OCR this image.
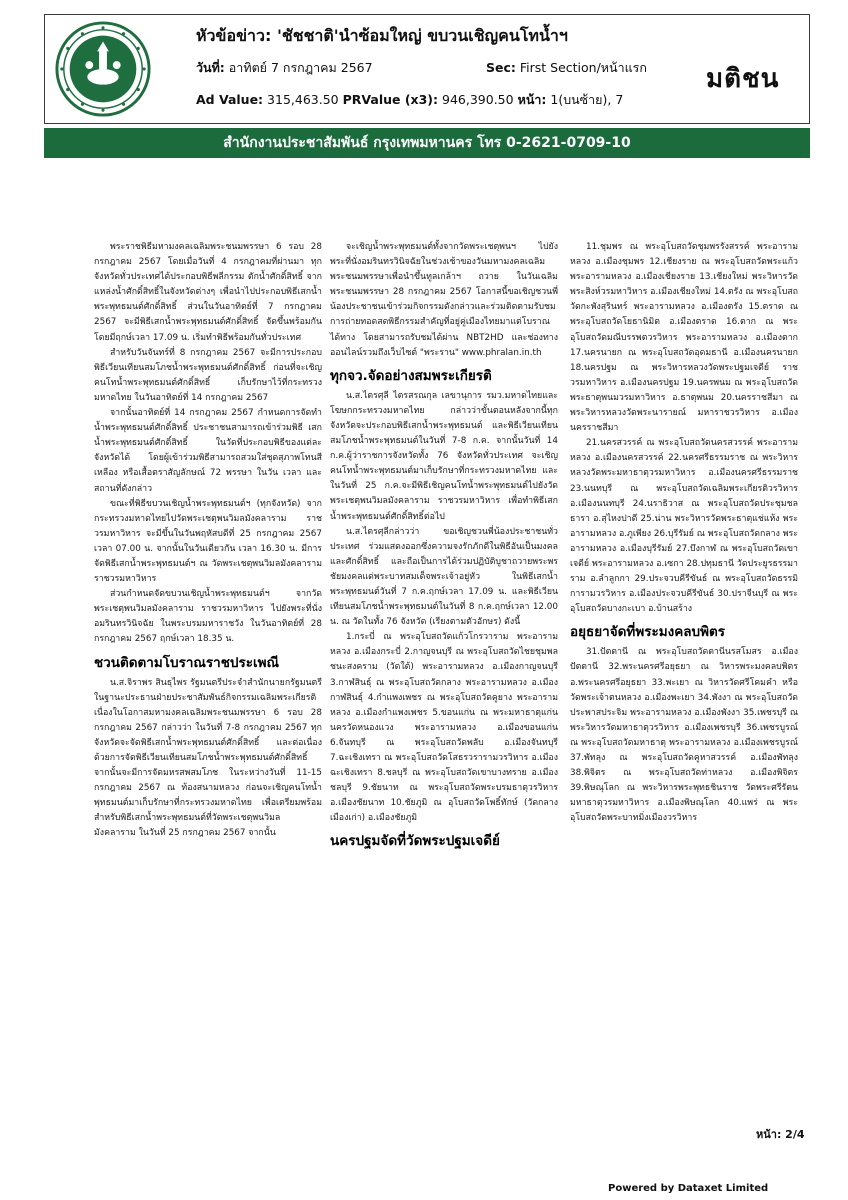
หัวข้อข่าว: 'ชัชชาติ'นำซ้อมใหญ่ ขบวนเชิญคนโทน้ำฯ
วันที่: อาทิตย์ 7 กรกฎาคม 2567	Sec: First Section/หน้าแรก
Ad Value: 315,463.50 PRValue (x3): 946,390.50 หน้า: 1(บนซ้าย), 7
มติชน
สำนักงานประชาสัมพันธ์ กรุงเทพมหานคร โทร 0-2621-0709-10

พระราชพิธีมหามงคลเฉลิมพระชนมพรรษา 6 รอบ 28 กรกฎาคม 2567 โดยเมื่อวันที่ 4 กรกฎาคมที่ผ่านมา ทุกจังหวัดทั่วประเทศได้ประกอบพิธีพลีกรรม ตักน้ำศักดิ์สิทธิ์ จากแหล่งน้ำศักดิ์สิทธิ์ในจังหวัดต่างๆ เพื่อนำไปประกอบพิธีเสกน้ำพระพุทธมนต์ศักดิ์สิทธิ์ ส่วนในวันอาทิตย์ที่ 7 กรกฎาคม 2567 จะมีพิธีเสกน้ำพระพุทธมนต์ศักดิ์สิทธิ์ จัดขึ้นพร้อมกันโดยมีฤกษ์เวลา 17.09 น. เริ่มทำพิธีพร้อมกันทั่วประเทศ

สำหรับวันจันทร์ที่ 8 กรกฎาคม 2567 จะมีการประกอบพิธีเวียนเทียนสมโภชน้ำพระพุทธมนต์ศักดิ์สิทธิ์ ก่อนที่จะเชิญคนโทน้ำพระพุทธมนต์ศักดิ์สิทธิ์ เก็บรักษาไว้ที่กระทรวงมหาดไทย ในวันอาทิตย์ที่ 14 กรกฎาคม 2567

จากนั้นอาทิตย์ที่ 14 กรกฎาคม 2567 กำหนดการจัดทำน้ำพระพุทธมนต์ศักดิ์สิทธิ์ ประชาชนสามารถเข้าร่วมพิธี เสกน้ำพระพุทธมนต์ศักดิ์สิทธิ์ ในวัดที่ประกอบพิธีของแต่ละจังหวัดได้ โดยผู้เข้าร่วมพิธีสามารถสวมใส่ชุดสุภาพโทนสีเหลือง หรือเสื้อตราสัญลักษณ์ 72 พรรษา ในวัน เวลา และสถานที่ดังกล่าว

ขณะที่พิธีขบวนเชิญน้ำพระพุทธมนต์ฯ (ทุกจังหวัด) จากกระทรวงมหาดไทยไปวัดพระเชตุพนวิมลมังคลาราม ราชวรมหาวิหาร จะมีขึ้นในวันพฤหัสบดีที่ 25 กรกฎาคม 2567 เวลา 07.00 น. จากนั้นในวันเดียวกัน เวลา 16.30 น. มีการจัดพิธีเสกน้ำพระพุทธมนต์ฯ ณ วัดพระเชตุพนวิมลมังคลาราม ราชวรมหาวิหาร

ส่วนกำหนดจัดขบวนเชิญน้ำพระพุทธมนต์ฯ จากวัดพระเชตุพนวิมลมังคลาราม ราชวรมหาวิหาร ไปยังพระที่นั่งอมรินทรวินิจฉัย ในพระบรมมหาราชวัง ในวันอาทิตย์ที่ 28 กรกฎาคม 2567 ฤกษ์เวลา 18.35 น.

ชวนติดตามโบราณราชประเพณี

น.ส.จิราพร สินธุไพร รัฐมนตรีประจำสำนักนายกรัฐมนตรี ในฐานะประธานฝ่ายประชาสัมพันธ์กิจกรรมเฉลิมพระเกียรติ เนื่องในโอกาสมหามงคลเฉลิมพระชนมพรรษา 6 รอบ 28 กรกฎาคม 2567 กล่าวว่า ในวันที่ 7-8 กรกฎาคม 2567 ทุกจังหวัดจะจัดพิธีเสกน้ำพระพุทธมนต์ศักดิ์สิทธิ์ และต่อเนื่องด้วยการจัดพิธีเวียนเทียนสมโภชน้ำพระพุทธมนต์ศักดิ์สิทธิ์ จากนั้นจะมีการจัดมหรสพสมโภช ในระหว่างวันที่ 11-15 กรกฎาคม 2567 ณ ท้องสนามหลวง ก่อนจะเชิญคนโทน้ำพุทธมนต์มาเก็บรักษาที่กระทรวงมหาดไทย เพื่อเตรียมพร้อมสำหรับพิธีเสกน้ำพระพุทธมนต์ที่วัดพระเชตุพนวิมลมังคลาราม ในวันที่ 25 กรกฎาคม 2567 จากนั้น

จะเชิญน้ำพระพุทธมนต์ทั้งจากวัดพระเชตุพนฯ ไปยังพระที่นั่งอมรินทรวินิจฉัยในช่วงเช้าของวันมหามงคลเฉลิมพระชนมพรรษาเพื่อนำขึ้นทูลเกล้าฯ ถวาย ในวันเฉลิมพระชนมพรรษา 28 กรกฎาคม 2567 โอกาสนี้ขอเชิญชวนพี่น้องประชาชนเข้าร่วมกิจกรรมดังกล่าวและร่วมติดตามรับชมการถ่ายทอดสดพิธีกรรมสำคัญที่อยู่คู่เมืองไทยมาแต่โบราณได้ทาง โดยสามารถรับชมได้ผ่าน NBT2HD และช่องทางออนไลน์รวมถึงเว็บไซต์ "พระราน" www.phralan.in.th

ทุกจว.จัดอย่างสมพระเกียรติ

น.ส.ไตรศุลี ไตรสรณกุล เลขานุการ รมว.มหาดไทยและโฆษกกระทรวงมหาดไทย กล่าวว่าขั้นตอนหลังจากนี้ทุกจังหวัดจะประกอบพิธีเสกน้ำพระพุทธมนต์ และพิธีเวียนเทียนสมโภชน้ำพระพุทธมนต์ในวันที่ 7-8 ก.ค. จากนั้นวันที่ 14 ก.ค.ผู้ว่าราชการจังหวัดทั้ง 76 จังหวัดทั่วประเทศ จะเชิญคนโทน้ำพระพุทธมนต์มาเก็บรักษาที่กระทรวงมหาดไทย และในวันที่ 25 ก.ค.จะมีพิธีเชิญคนโทน้ำพระพุทธมนต์ไปยังวัดพระเชตุพนวิมลมังคลาราม ราชวรมหาวิหาร เพื่อทำพิธีเสกน้ำพระพุทธมนต์ศักดิ์สิทธิ์ต่อไป

น.ส.ไตรศุลีกล่าวว่า ขอเชิญชวนพี่น้องประชาชนทั่วประเทศ ร่วมแสดงออกซึ่งความจงรักภักดีในพิธีอันเป็นมงคลและศักดิ์สิทธิ์ และถือเป็นการได้ร่วมปฏิบัติบูชาถวายพระพรชัยมงคลแด่พระบาทสมเด็จพระเจ้าอยู่หัว ในพิธีเสกน้ำพระพุทธมนต์วันที่ 7 ก.ค.ฤกษ์เวลา 17.09 น. และพิธีเวียนเทียนสมโภชน้ำพระพุทธมนต์ในวันที่ 8 ก.ค.ฤกษ์เวลา 12.00 น. ณ วัดในทั้ง 76 จังหวัด (เรียงตามตัวอักษร) ดังนี้

1.กระบี่ ณ พระอุโบสถวัดแก้วโกรวาราม พระอารามหลวง อ.เมืองกระบี่ 2.กาญจนบุรี ณ พระอุโบสถวัดไชยชุมพลชนะสงคราม (วัดใต้) พระอารามหลวง อ.เมืองกาญจนบุรี 3.กาฬสินธุ์ ณ พระอุโบสถวัดกลาง พระอารามหลวง อ.เมืองกาฬสินธุ์ 4.กำแพงเพชร ณ พระอุโบสถวัดคูยาง พระอารามหลวง อ.เมืองกำแพงเพชร 5.ขอนแก่น ณ พระมหาธาตุแก่นนครวัดหนองแวง พระอารามหลวง อ.เมืองขอนแก่น 6.จันทบุรี ณ พระอุโบสถวัดพลับ อ.เมืองจันทบุรี 7.ฉะเชิงเทรา ณ พระอุโบสถวัดโสธรวรารามวรวิหาร อ.เมืองฉะเชิงเทรา 8.ชลบุรี ณ พระอุโบสถวัดเขาบางทราย อ.เมืองชลบุรี 9.ชัยนาท ณ พระอุโบสถวัดพระบรมธาตุวรวิหาร อ.เมืองชัยนาท 10.ชัยภูมิ ณ อุโบสถวัดโพธิ์ทักษ์ (วัดกลางเมืองเก่า) อ.เมืองชัยภูมิ

นครปฐมจัดที่วัดพระปฐมเจดีย์

11.ชุมพร ณ พระอุโบสถวัดชุมพรรังสรรค์ พระอารามหลวง อ.เมืองชุมพร 12.เชียงราย ณ พระอุโบสถวัดพระแก้ว พระอารามหลวง อ.เมืองเชียงราย 13.เชียงใหม่ พระวิหารวัดพระสิงห์วรมหาวิหาร อ.เมืองเชียงใหม่ 14.ตรัง ณ พระอุโบสถวัดกะพังสุรินทร์ พระอารามหลวง อ.เมืองตรัง 15.ตราด ณ พระอุโบสถวัดโยธานิมิต อ.เมืองตราด 16.ตาก ณ พระอุโบสถวัดมณีบรรพตวรวิหาร พระอารามหลวง อ.เมืองตาก 17.นครนายก ณ พระอุโบสถวัดอุดมธานี อ.เมืองนครนายก 18.นครปฐม ณ พระวิหารหลวงวัดพระปฐมเจดีย์ ราชวรมหาวิหาร อ.เมืองนครปฐม 19.นครพนม ณ พระอุโบสถวัดพระธาตุพนมวรมหาวิหาร อ.ธาตุพนม 20.นครราชสีมา ณ พระวิหารหลวงวัดพระนารายณ์ มหาราชวรวิหาร อ.เมืองนครราชสีมา

21.นครสวรรค์ ณ พระอุโบสถวัดนครสวรรค์ พระอารามหลวง อ.เมืองนครสวรรค์ 22.นครศรีธรรมราช ณ พระวิหารหลวงวัดพระมหาธาตุวรมหาวิหาร อ.เมืองนครศรีธรรมราช 23.นนทบุรี ณ พระอุโบสถวัดเฉลิมพระเกียรติวรวิหาร อ.เมืองนนทบุรี 24.นราธิวาส ณ พระอุโบสถวัดประชุมชลธารา อ.สุไหงปาดี 25.น่าน พระวิหารวัดพระธาตุแช่แห้ง พระอารามหลวง อ.ภูเพียง 26.บุรีรัมย์ ณ พระอุโบสถวัดกลาง พระอารามหลวง อ.เมืองบุรีรัมย์ 27.บึงกาฬ ณ พระอุโบสถวัดเขาเจดีย์ พระอารามหลวง อ.เซกา 28.ปทุมธานี วัดประยูรธรรมาราม อ.ลำลูกกา 29.ประจวบคีรีขันธ์ ณ พระอุโบสถวัดธรรมิการามวรวิหาร อ.เมืองประจวบคีรีขันธ์ 30.ปราจีนบุรี ณ พระอุโบสถวัดบางกะเบา อ.บ้านสร้าง

อยุธยาจัดที่พระมงคลบพิตร

31.ปัตตานี ณ พระอุโบสถวัดตานีนรสโมสร อ.เมืองปัตตานี 32.พระนครศรีอยุธยา ณ วิหารพระมงคลบพิตร อ.พระนครศรีอยุธยา 33.พะเยา ณ วิหารวัดศรีโคมคำ หรือวัดพระเจ้าตนหลวง อ.เมืองพะเยา 34.พังงา ณ พระอุโบสถวัดประพาสประจิม พระอารามหลวง อ.เมืองพังงา 35.เพชรบุรี ณ พระวิหารวัดมหาธาตุวรวิหาร อ.เมืองเพชรบุรี 36.เพชรบูรณ์ ณ พระอุโบสถวัดมหาธาตุ พระอารามหลวง อ.เมืองเพชรบูรณ์ 37.พัทลุง ณ พระอุโบสถวัดคูหาสวรรค์ อ.เมืองพัทลุง 38.พิจิตร ณ พระอุโบสถวัดท่าหลวง อ.เมืองพิจิตร 39.พิษณุโลก ณ พระวิหารพระพุทธชินราช วัดพระศรีรัตนมหาธาตุวรมหาวิหาร อ.เมืองพิษณุโลก 40.แพร่ ณ พระอุโบสถวัดพระบาทมิ่งเมืองวรวิหาร

หน้า: 2/4
Powered by Dataxet Limited
